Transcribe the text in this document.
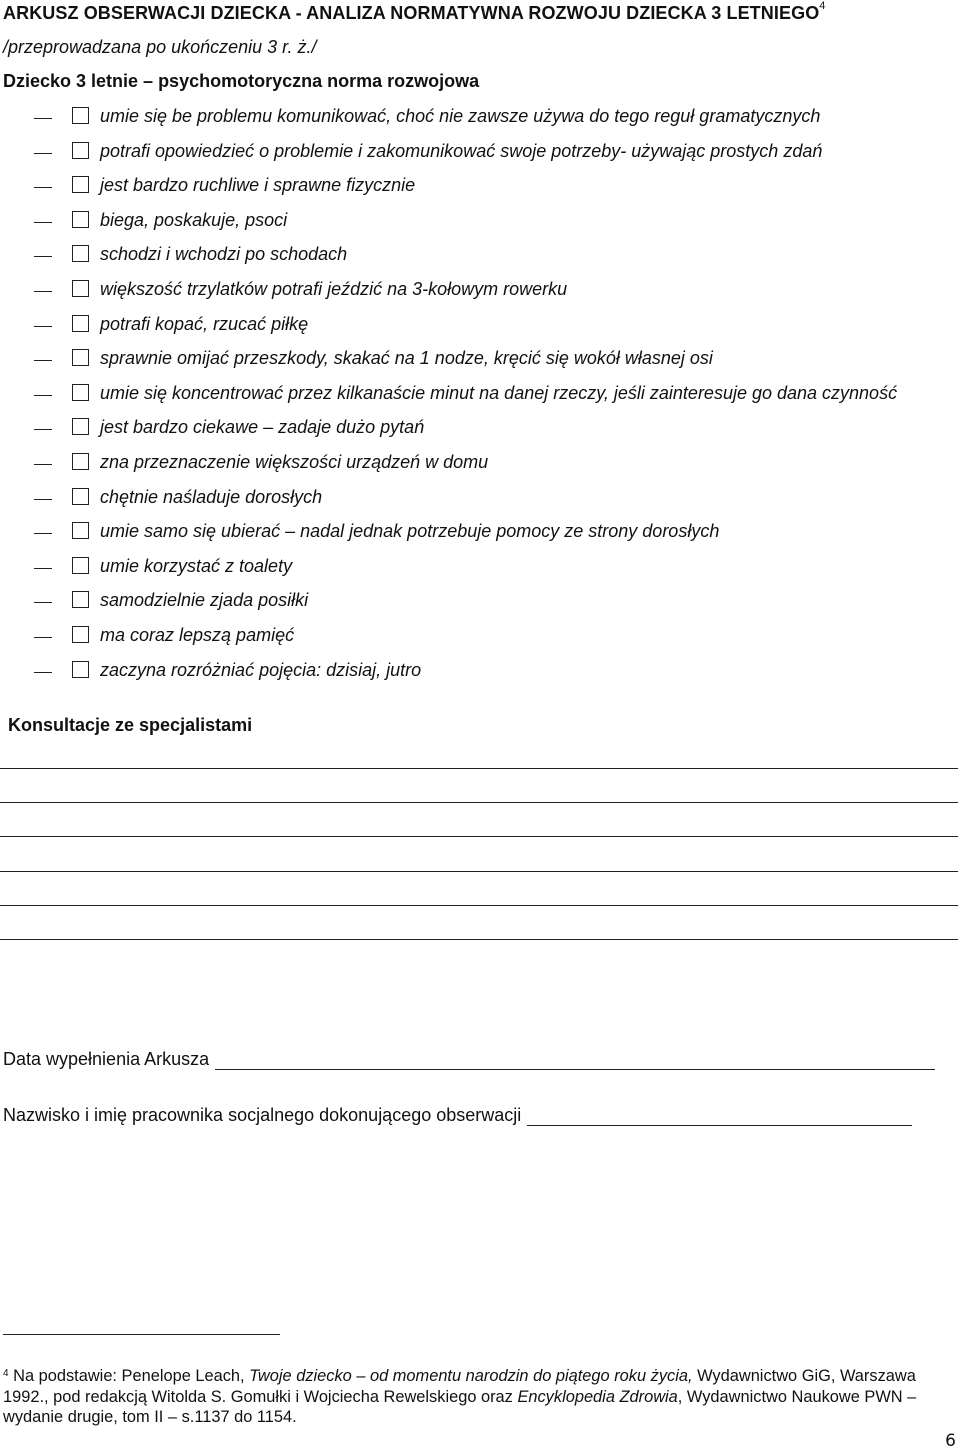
ARKUSZ OBSERWACJI DZIECKA - ANALIZA NORMATYWNA ROZWOJU DZIECKA 3 LETNIEGO$^4$
/przeprowadzana po ukończeniu 3 r. ż./
Dziecko 3 letnie – psychomotoryczna norma rozwojowa
umie się be problemu komunikować, choć nie zawsze używa do tego reguł gramatycznych
potrafi opowiedzieć o problemie i zakomunikować swoje potrzeby- używając prostych zdań
jest bardzo ruchliwe i sprawne fizycznie
biega, poskakuje, psoci
schodzi i wchodzi po schodach
większość trzylatków potrafi jeździć na 3-kołowym rowerku
potrafi kopać, rzucać piłkę
sprawnie omijać przeszkody, skakać na 1 nodze, kręcić się wokół własnej osi
umie się koncentrować przez kilkanaście minut na danej rzeczy, jeśli zainteresuje go dana czynność
jest bardzo ciekawe – zadaje dużo pytań
zna przeznaczenie większości urządzeń w domu
chętnie naśladuje dorosłych
umie samo się ubierać – nadal jednak potrzebuje pomocy ze strony dorosłych
umie korzystać z toalety
samodzielnie zjada posiłki
ma coraz lepszą pamięć
zaczyna rozróżniać pojęcia: dzisiaj, jutro
Konsultacje ze specjalistami
Data wypełnienia Arkusza
Nazwisko i imię pracownika socjalnego dokonującego obserwacji
$^4$ Na podstawie: Penelope Leach, Twoje dziecko – od momentu narodzin do piątego roku życia, Wydawnictwo GiG, Warszawa 1992., pod redakcją Witolda S. Gomułki i Wojciecha Rewelskiego oraz Encyklopedia Zdrowia, Wydawnictwo Naukowe PWN – wydanie drugie, tom II – s.1137 do 1154.
6
